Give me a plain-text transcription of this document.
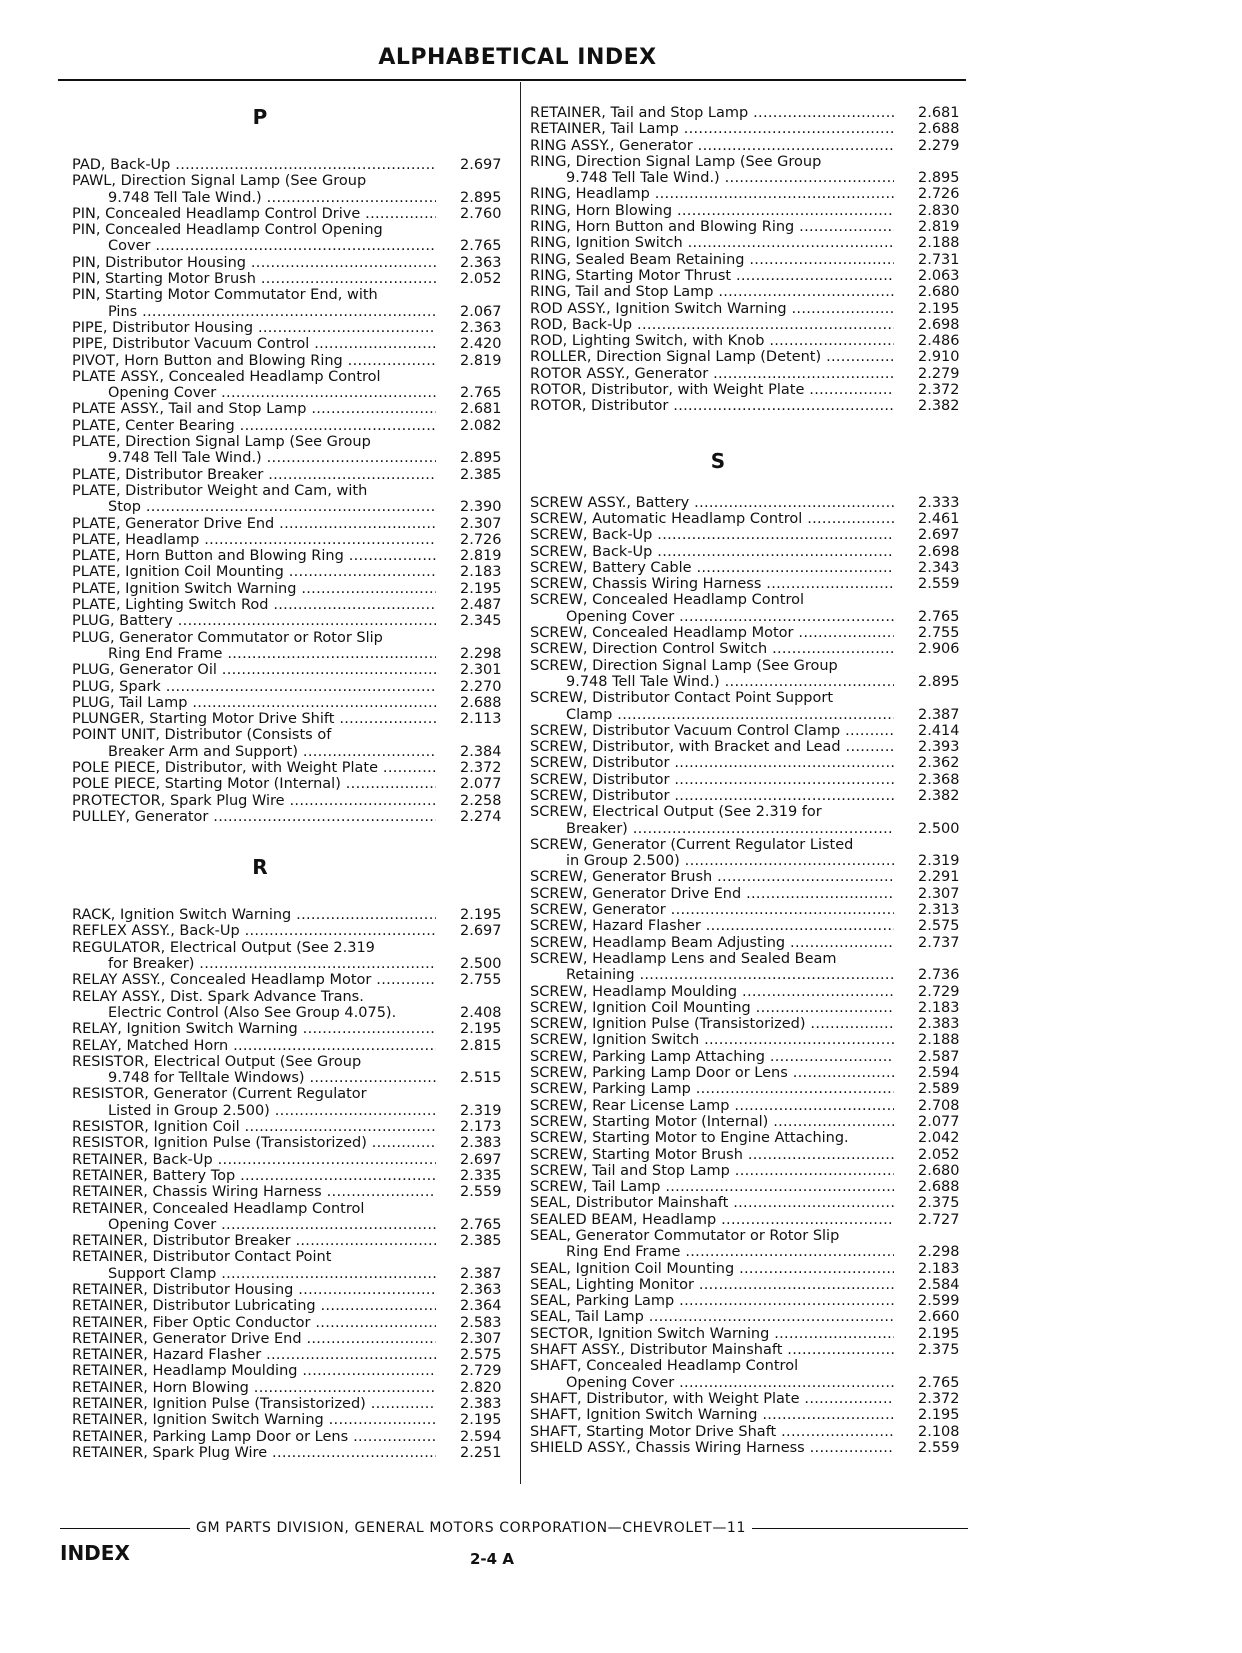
ALPHABETICAL INDEX
P
PAD, Back-Up .....	2.697
PAWL, Direction Signal Lamp (See Group
9.748 Tell Tale Wind.) .....	2.895
PIN, Concealed Headlamp Control Drive .....	2.760
PIN, Concealed Headlamp Control Opening
Cover .....	2.765
PIN, Distributor Housing .....	2.363
PIN, Starting Motor Brush .....	2.052
PIN, Starting Motor Commutator End, with
Pins .....	2.067
PIPE, Distributor Housing .....	2.363
PIPE, Distributor Vacuum Control .....	2.420
PIVOT, Horn Button and Blowing Ring .....	2.819
PLATE ASSY., Concealed Headlamp Control
Opening Cover .....	2.765
PLATE ASSY., Tail and Stop Lamp .....	2.681
PLATE, Center Bearing .....	2.082
PLATE, Direction Signal Lamp (See Group
9.748 Tell Tale Wind.) .....	2.895
PLATE, Distributor Breaker .....	2.385
PLATE, Distributor Weight and Cam, with
Stop .....	2.390
PLATE, Generator Drive End .....	2.307
PLATE, Headlamp .....	2.726
PLATE, Horn Button and Blowing Ring .....	2.819
PLATE, Ignition Coil Mounting .....	2.183
PLATE, Ignition Switch Warning .....	2.195
PLATE, Lighting Switch Rod .....	2.487
PLUG, Battery .....	2.345
PLUG, Generator Commutator or Rotor Slip
Ring End Frame .....	2.298
PLUG, Generator Oil .....	2.301
PLUG, Spark .....	2.270
PLUG, Tail Lamp .....	2.688
PLUNGER, Starting Motor Drive Shift .....	2.113
POINT UNIT, Distributor (Consists of
Breaker Arm and Support) .....	2.384
POLE PIECE, Distributor, with Weight Plate .....	2.372
POLE PIECE, Starting Motor (Internal) .....	2.077
PROTECTOR, Spark Plug Wire .....	2.258
PULLEY, Generator .....	2.274
R
RACK, Ignition Switch Warning .....	2.195
REFLEX ASSY., Back-Up .....	2.697
REGULATOR, Electrical Output (See 2.319
for Breaker) .....	2.500
RELAY ASSY., Concealed Headlamp Motor .....	2.755
RELAY ASSY., Dist. Spark Advance Trans.
Electric Control (Also See Group 4.075).	2.408
RELAY, Ignition Switch Warning .....	2.195
RELAY, Matched Horn .....	2.815
RESISTOR, Electrical Output (See Group
9.748 for Telltale Windows) .....	2.515
RESISTOR, Generator (Current Regulator
Listed in Group 2.500) .....	2.319
RESISTOR, Ignition Coil .....	2.173
RESISTOR, Ignition Pulse (Transistorized) .....	2.383
RETAINER, Back-Up .....	2.697
RETAINER, Battery Top .....	2.335
RETAINER, Chassis Wiring Harness .....	2.559
RETAINER, Concealed Headlamp Control
Opening Cover .....	2.765
RETAINER, Distributor Breaker .....	2.385
RETAINER, Distributor Contact Point
Support Clamp .....	2.387
RETAINER, Distributor Housing .....	2.363
RETAINER, Distributor Lubricating .....	2.364
RETAINER, Fiber Optic Conductor .....	2.583
RETAINER, Generator Drive End .....	2.307
RETAINER, Hazard Flasher .....	2.575
RETAINER, Headlamp Moulding .....	2.729
RETAINER, Horn Blowing .....	2.820
RETAINER, Ignition Pulse (Transistorized) .....	2.383
RETAINER, Ignition Switch Warning .....	2.195
RETAINER, Parking Lamp Door or Lens .....	2.594
RETAINER, Spark Plug Wire .....	2.251
RETAINER, Tail and Stop Lamp .....	2.681
RETAINER, Tail Lamp .....	2.688
RING ASSY., Generator .....	2.279
RING, Direction Signal Lamp (See Group
9.748 Tell Tale Wind.) .....	2.895
RING, Headlamp .....	2.726
RING, Horn Blowing .....	2.830
RING, Horn Button and Blowing Ring .....	2.819
RING, Ignition Switch .....	2.188
RING, Sealed Beam Retaining .....	2.731
RING, Starting Motor Thrust .....	2.063
RING, Tail and Stop Lamp .....	2.680
ROD ASSY., Ignition Switch Warning .....	2.195
ROD, Back-Up .....	2.698
ROD, Lighting Switch, with Knob .....	2.486
ROLLER, Direction Signal Lamp (Detent) .....	2.910
ROTOR ASSY., Generator .....	2.279
ROTOR, Distributor, with Weight Plate .....	2.372
ROTOR, Distributor .....	2.382
S
SCREW ASSY., Battery .....	2.333
SCREW, Automatic Headlamp Control .....	2.461
SCREW, Back-Up .....	2.697
SCREW, Back-Up .....	2.698
SCREW, Battery Cable .....	2.343
SCREW, Chassis Wiring Harness .....	2.559
SCREW, Concealed Headlamp Control
Opening Cover .....	2.765
SCREW, Concealed Headlamp Motor .....	2.755
SCREW, Direction Control Switch .....	2.906
SCREW, Direction Signal Lamp (See Group
9.748 Tell Tale Wind.) .....	2.895
SCREW, Distributor Contact Point Support
Clamp .....	2.387
SCREW, Distributor Vacuum Control Clamp .....	2.414
SCREW, Distributor, with Bracket and Lead .....	2.393
SCREW, Distributor .....	2.362
SCREW, Distributor .....	2.368
SCREW, Distributor .....	2.382
SCREW, Electrical Output (See 2.319 for
Breaker) .....	2.500
SCREW, Generator (Current Regulator Listed
in Group 2.500) .....	2.319
SCREW, Generator Brush .....	2.291
SCREW, Generator Drive End .....	2.307
SCREW, Generator .....	2.313
SCREW, Hazard Flasher .....	2.575
SCREW, Headlamp Beam Adjusting .....	2.737
SCREW, Headlamp Lens and Sealed Beam
Retaining .....	2.736
SCREW, Headlamp Moulding .....	2.729
SCREW, Ignition Coil Mounting .....	2.183
SCREW, Ignition Pulse (Transistorized) .....	2.383
SCREW, Ignition Switch .....	2.188
SCREW, Parking Lamp Attaching .....	2.587
SCREW, Parking Lamp Door or Lens .....	2.594
SCREW, Parking Lamp .....	2.589
SCREW, Rear License Lamp .....	2.708
SCREW, Starting Motor (Internal) .....	2.077
SCREW, Starting Motor to Engine Attaching.	2.042
SCREW, Starting Motor Brush .....	2.052
SCREW, Tail and Stop Lamp .....	2.680
SCREW, Tail Lamp .....	2.688
SEAL, Distributor Mainshaft .....	2.375
SEALED BEAM, Headlamp .....	2.727
SEAL, Generator Commutator or Rotor Slip
Ring End Frame .....	2.298
SEAL, Ignition Coil Mounting .....	2.183
SEAL, Lighting Monitor .....	2.584
SEAL, Parking Lamp .....	2.599
SEAL, Tail Lamp .....	2.660
SECTOR, Ignition Switch Warning .....	2.195
SHAFT ASSY., Distributor Mainshaft .....	2.375
SHAFT, Concealed Headlamp Control
Opening Cover .....	2.765
SHAFT, Distributor, with Weight Plate .....	2.372
SHAFT, Ignition Switch Warning .....	2.195
SHAFT, Starting Motor Drive Shaft .....	2.108
SHIELD ASSY., Chassis Wiring Harness .....	2.559
GM PARTS DIVISION, GENERAL MOTORS CORPORATION—CHEVROLET—11
INDEX	2-4 A
